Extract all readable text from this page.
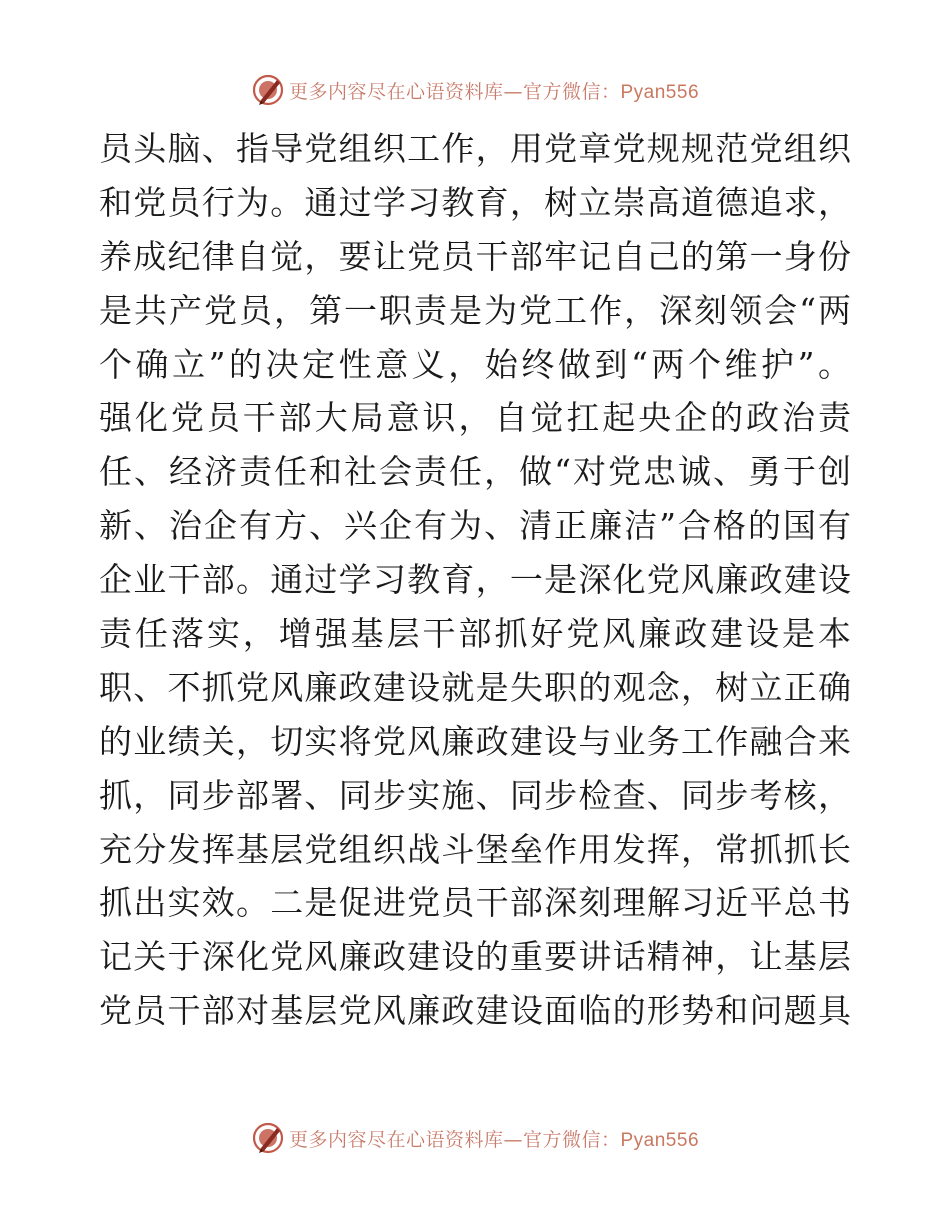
更多内容尽在心语资料库—官方微信：Pyan556
员头脑、指导党组织工作，用党章党规规范党组织
和党员行为。通过学习教育，树立崇高道德追求，
养成纪律自觉，要让党员干部牢记自己的第一身份
是共产党员，第一职责是为党工作，深刻领会“两
个确立”的决定性意义，始终做到“两个维护”。
强化党员干部大局意识，自觉扛起央企的政治责
任、经济责任和社会责任，做“对党忠诚、勇于创
新、治企有方、兴企有为、清正廉洁”合格的国有
企业干部。通过学习教育，一是深化党风廉政建设
责任落实，增强基层干部抓好党风廉政建设是本
职、不抓党风廉政建设就是失职的观念，树立正确
的业绩关，切实将党风廉政建设与业务工作融合来
抓，同步部署、同步实施、同步检查、同步考核，
充分发挥基层党组织战斗堡垒作用发挥，常抓抓长
抓出实效。二是促进党员干部深刻理解习近平总书
记关于深化党风廉政建设的重要讲话精神，让基层
党员干部对基层党风廉政建设面临的形势和问题具
更多内容尽在心语资料库—官方微信：Pyan556
